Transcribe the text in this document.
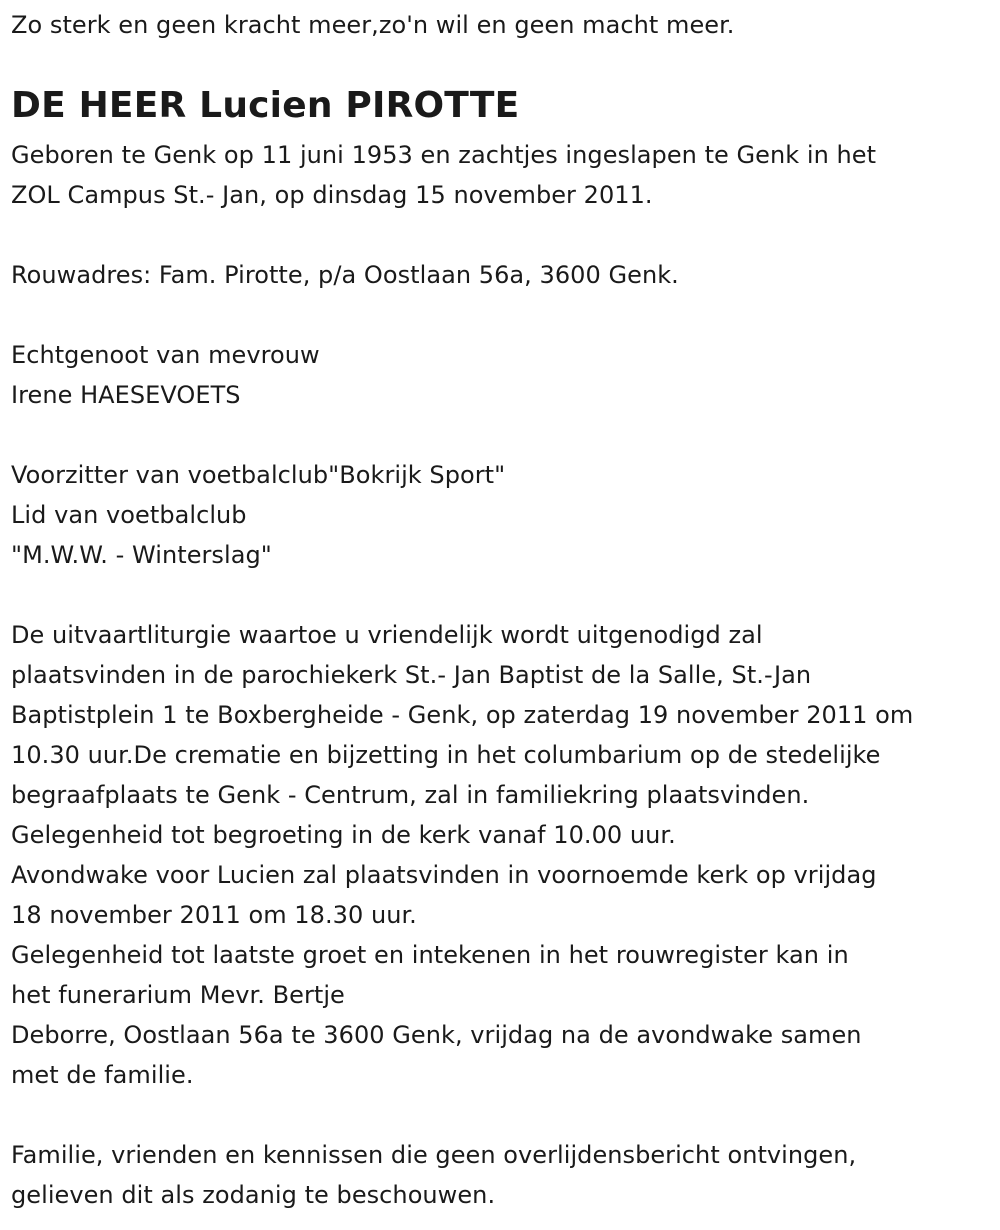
Zo sterk en geen kracht meer,zo'n wil en geen macht meer.
DE HEER Lucien PIROTTE
Geboren te Genk op 11 juni 1953 en zachtjes ingeslapen te Genk in het
ZOL Campus St.- Jan, op dinsdag 15 november 2011.
Rouwadres: Fam. Pirotte, p/a Oostlaan 56a, 3600 Genk.
Echtgenoot van mevrouw
Irene HAESEVOETS
Voorzitter van voetbalclub"Bokrijk Sport"
Lid van voetbalclub
"M.W.W. - Winterslag"
De uitvaartliturgie waartoe u vriendelijk wordt uitgenodigd zal
plaatsvinden in de parochiekerk St.- Jan Baptist de la Salle, St.-Jan
Baptistplein 1 te Boxbergheide - Genk, op zaterdag 19 november 2011 om
10.30 uur.De crematie en bijzetting in het columbarium op de stedelijke
begraafplaats te Genk - Centrum, zal in familiekring plaatsvinden.
Gelegenheid tot begroeting in de kerk vanaf 10.00 uur.
Avondwake voor Lucien zal plaatsvinden in voornoemde kerk op vrijdag
18 november 2011 om 18.30 uur.
Gelegenheid tot laatste groet en intekenen in het rouwregister kan in
het funerarium Mevr. Bertje
Deborre, Oostlaan 56a te 3600 Genk, vrijdag na de avondwake samen
met de familie.
Familie, vrienden en kennissen die geen overlijdensbericht ontvingen,
gelieven dit als zodanig te beschouwen.
